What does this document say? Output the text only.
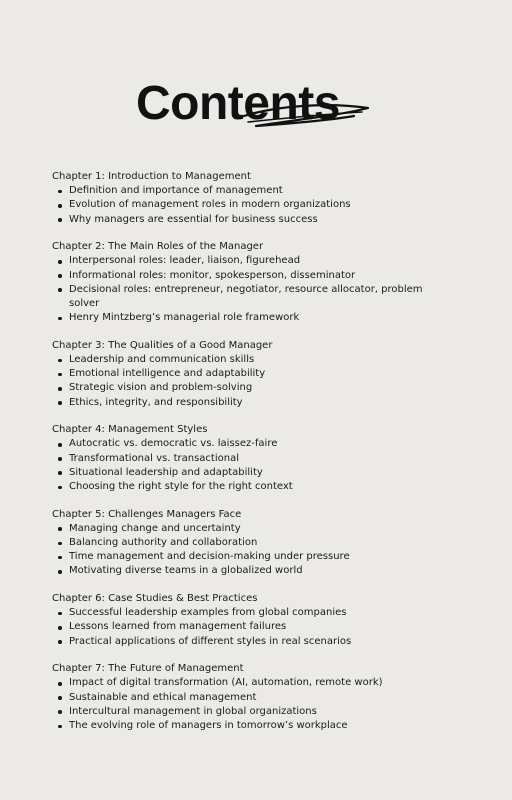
Contents
Chapter 1: Introduction to Management
Definition and importance of management
Evolution of management roles in modern organizations
Why managers are essential for business success
Chapter 2: The Main Roles of the Manager
Interpersonal roles: leader, liaison, figurehead
Informational roles: monitor, spokesperson, disseminator
Decisional roles: entrepreneur, negotiator, resource allocator, problem solver
Henry Mintzberg’s managerial role framework
Chapter 3: The Qualities of a Good Manager
Leadership and communication skills
Emotional intelligence and adaptability
Strategic vision and problem-solving
Ethics, integrity, and responsibility
Chapter 4: Management Styles
Autocratic vs. democratic vs. laissez-faire
Transformational vs. transactional
Situational leadership and adaptability
Choosing the right style for the right context
Chapter 5: Challenges Managers Face
Managing change and uncertainty
Balancing authority and collaboration
Time management and decision-making under pressure
Motivating diverse teams in a globalized world
Chapter 6: Case Studies & Best Practices
Successful leadership examples from global companies
Lessons learned from management failures
Practical applications of different styles in real scenarios
Chapter 7: The Future of Management
Impact of digital transformation (AI, automation, remote work)
Sustainable and ethical management
Intercultural management in global organizations
The evolving role of managers in tomorrow’s workplace
